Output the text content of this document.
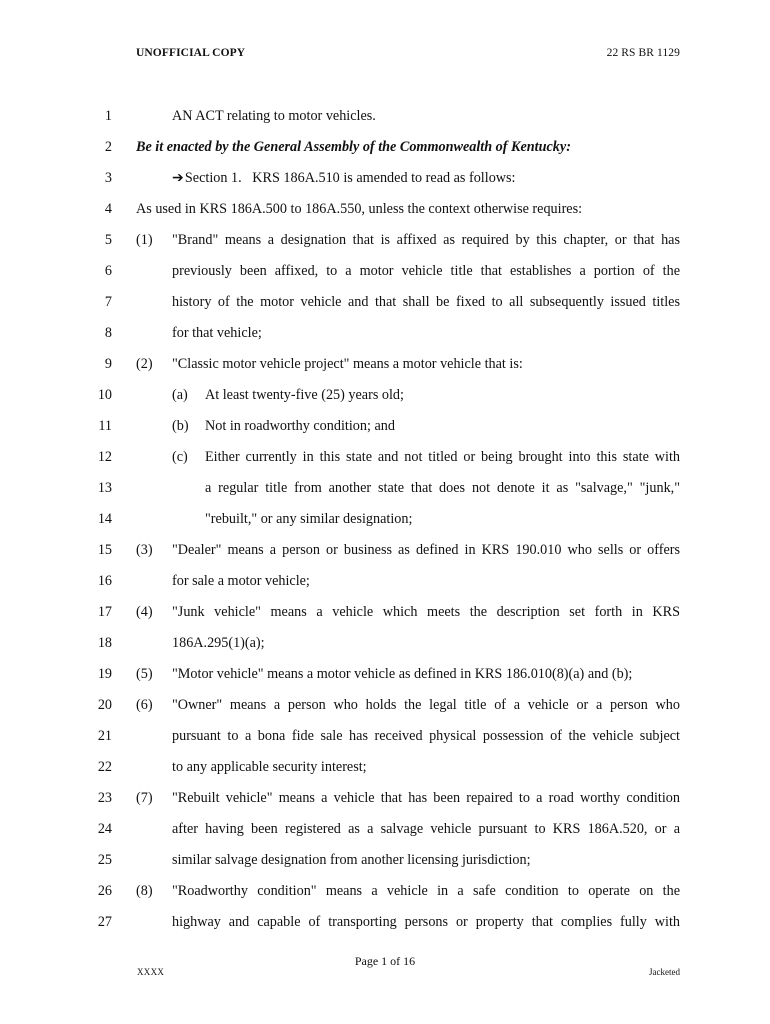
UNOFFICIAL COPY	22 RS BR 1129
1	AN ACT relating to motor vehicles.
2 Be it enacted by the General Assembly of the Commonwealth of Kentucky:
3	➔Section 1.   KRS 186A.510 is amended to read as follows:
4 As used in KRS 186A.500 to 186A.550, unless the context otherwise requires:
5 (1) "Brand" means a designation that is affixed as required by this chapter, or that has
6	previously been affixed, to a motor vehicle title that establishes a portion of the
7	history of the motor vehicle and that shall be fixed to all subsequently issued titles
8	for that vehicle;
9 (2) "Classic motor vehicle project" means a motor vehicle that is:
10	(a) At least twenty-five (25) years old;
11	(b) Not in roadworthy condition; and
12	(c) Either currently in this state and not titled or being brought into this state with
13	a regular title from another state that does not denote it as "salvage," "junk,"
14	"rebuilt," or any similar designation;
15 (3) "Dealer" means a person or business as defined in KRS 190.010 who sells or offers
16	for sale a motor vehicle;
17 (4) "Junk vehicle" means a vehicle which meets the description set forth in KRS
18	186A.295(1)(a);
19 (5) "Motor vehicle" means a motor vehicle as defined in KRS 186.010(8)(a) and (b);
20 (6) "Owner" means a person who holds the legal title of a vehicle or a person who
21	pursuant to a bona fide sale has received physical possession of the vehicle subject
22	to any applicable security interest;
23 (7) "Rebuilt vehicle" means a vehicle that has been repaired to a road worthy condition
24	after having been registered as a salvage vehicle pursuant to KRS 186A.520, or a
25	similar salvage designation from another licensing jurisdiction;
26 (8) "Roadworthy condition" means a vehicle in a safe condition to operate on the
27	highway and capable of transporting persons or property that complies fully with
Page 1 of 16
XXXX	Jacketed
